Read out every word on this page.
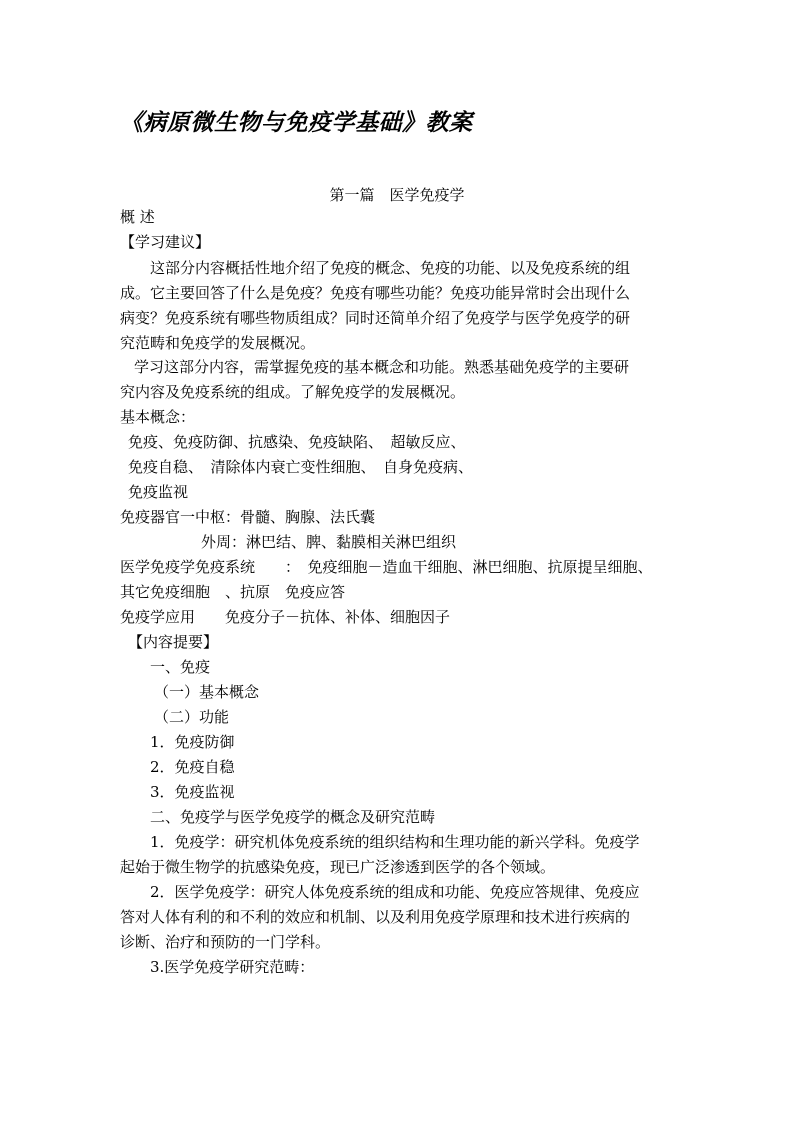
《病原微生物与免疫学基础》教案
第一篇　医学免疫学
概 述
【学习建议】
这部分内容概括性地介绍了免疫的概念、免疫的功能、以及免疫系统的组
成。它主要回答了什么是免疫？免疫有哪些功能？免疫功能异常时会出现什么
病变？免疫系统有哪些物质组成？同时还简单介绍了免疫学与医学免疫学的研
究范畴和免疫学的发展概况。
学习这部分内容，需掌握免疫的基本概念和功能。熟悉基础免疫学的主要研
究内容及免疫系统的组成。了解免疫学的发展概况。
基本概念：
免疫、免疫防御、抗感染、免疫缺陷、　超敏反应、
免疫自稳、　清除体内衰亡变性细胞、　自身免疫病、
免疫监视
免疫器官一中枢：骨髓、胸腺、法氏囊
外周：淋巴结、脾、黏膜相关淋巴组织
医学免疫学免疫系统　　：　免疫细胞－造血干细胞、淋巴细胞、抗原提呈细胞、
其它免疫细胞　、抗原　免疫应答
免疫学应用　　免疫分子－抗体、补体、细胞因子
【内容提要】
一、免疫
（一）基本概念
（二）功能
1．免疫防御
2．免疫自稳
3．免疫监视
二、免疫学与医学免疫学的概念及研究范畴
1．免疫学：研究机体免疫系统的组织结构和生理功能的新兴学科。免疫学
起始于微生物学的抗感染免疫，现已广泛渗透到医学的各个领域。
2．医学免疫学：研究人体免疫系统的组成和功能、免疫应答规律、免疫应
答对人体有利的和不利的效应和机制、以及利用免疫学原理和技术进行疾病的
诊断、治疗和预防的一门学科。
3.医学免疫学研究范畴：
